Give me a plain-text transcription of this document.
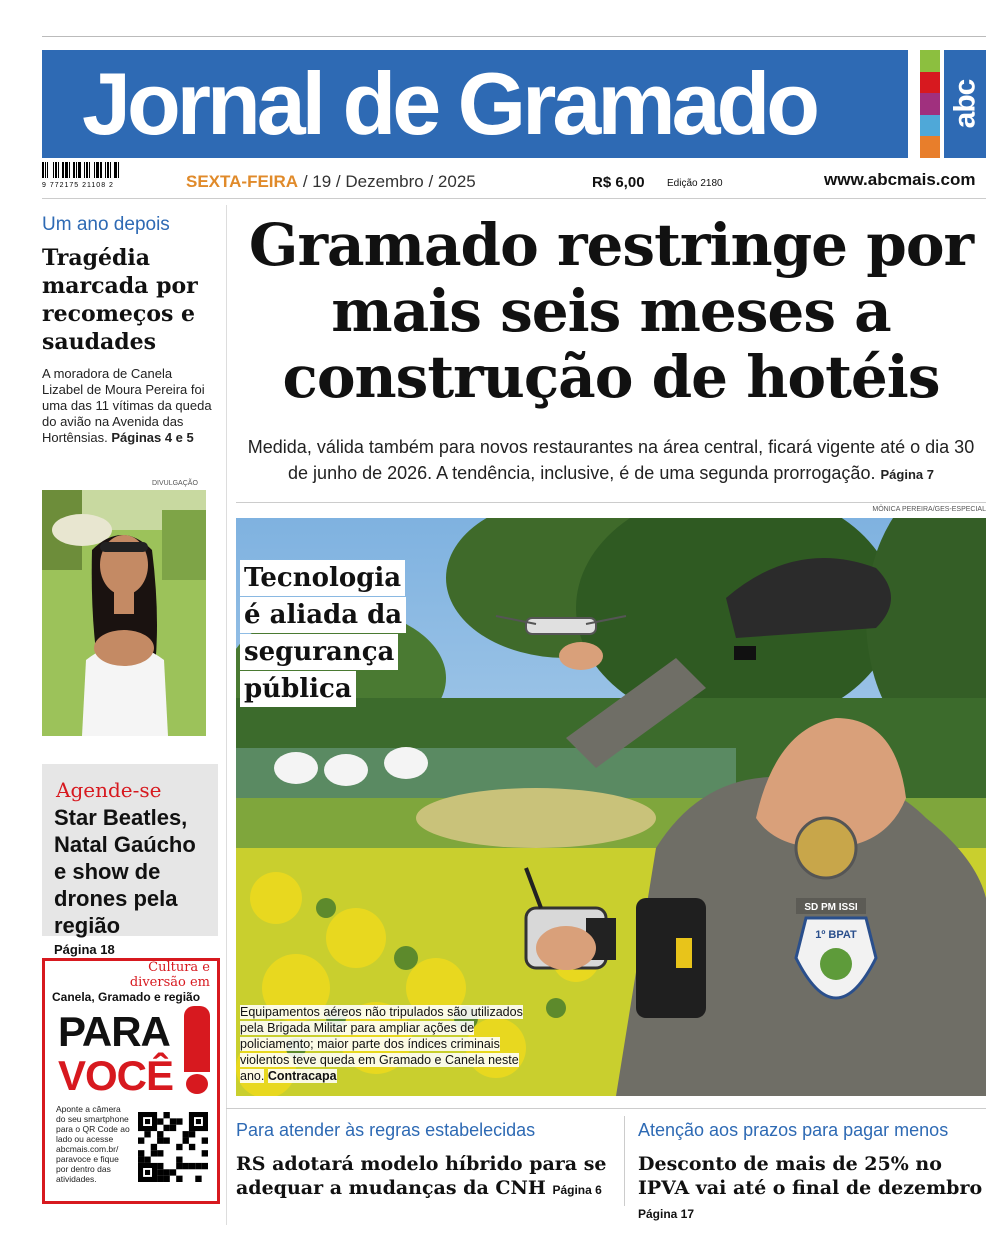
Jornal de Gramado	abc
9 772175 21108 2	SEXTA-FEIRA / 19 / Dezembro / 2025	R$ 6,00 Edição 2180	www.abcmais.com
Um ano depois
Tragédia marcada por recomeços e saudades
A moradora de Canela Lizabel de Moura Pereira foi uma das 11 vítimas da queda do avião na Avenida das Hortênsias. Páginas 4 e 5
DIVULGAÇÃO
Agende-se
Star Beatles, Natal Gaúcho e show de drones pela região
Página 18
Cultura e diversão em
Canela, Gramado e região
PARA
VOCÊ
Aponte a câmera do seu smartphone para o QR Code ao lado ou acesse abcmais.com.br/ paravoce e fique por dentro das atividades.
Gramado restringe por mais seis meses a construção de hotéis
Medida, válida também para novos restaurantes na área central, ficará vigente até o dia 30 de junho de 2026. A tendência, inclusive, é de uma segunda prorrogação. Página 7
MÔNICA PEREIRA/GES-ESPECIAL
SD PM ISSI
1º BPAT
Tecnologia
é aliada da
segurança
pública
Equipamentos aéreos não tripulados são utilizados pela Brigada Militar para ampliar ações de policiamento; maior parte dos índices criminais violentos teve queda em Gramado e Canela neste ano. Contracapa
Para atender às regras estabelecidas
RS adotará modelo híbrido para se adequar a mudanças da CNH Página 6
Atenção aos prazos para pagar menos
Desconto de mais de 25% no IPVA vai até o final de dezembro Página 17
